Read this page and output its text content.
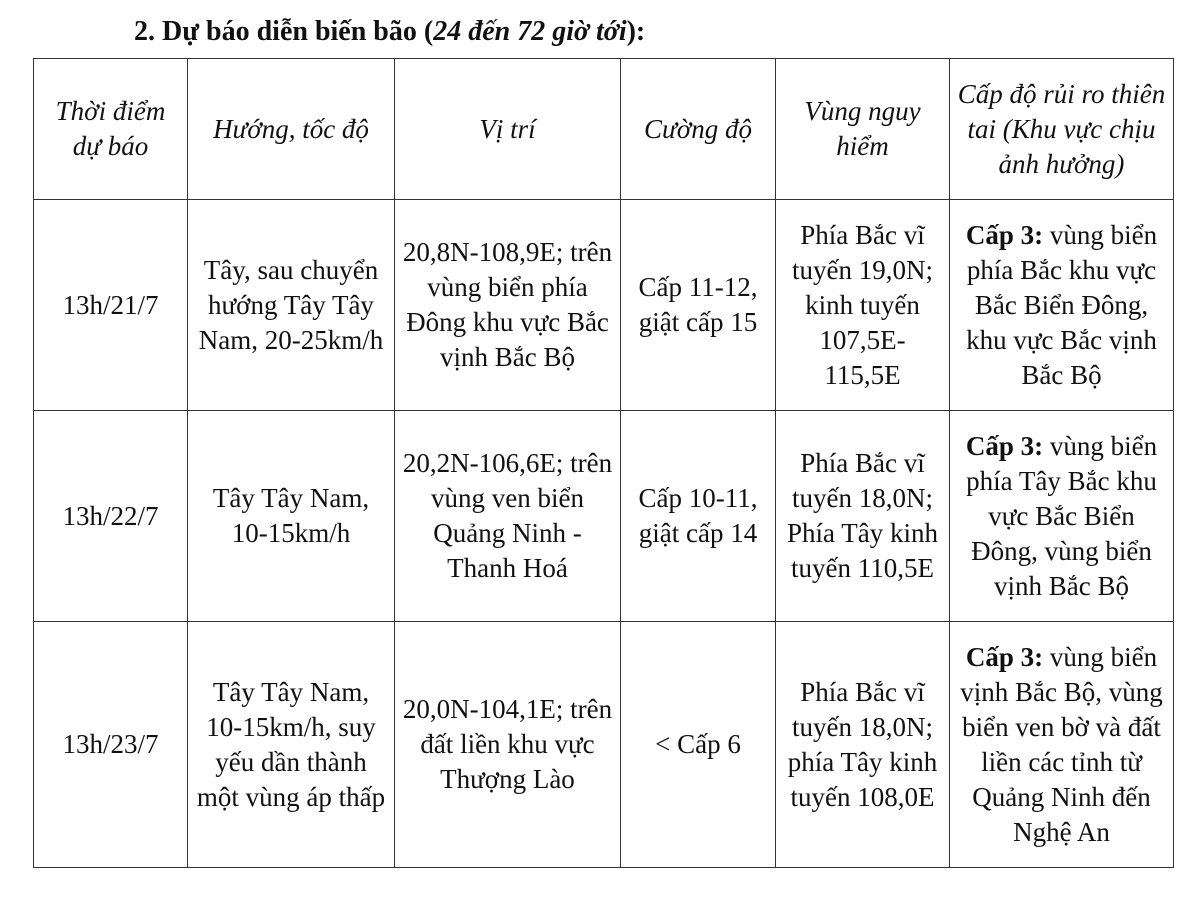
2. Dự báo diễn biến bão (24 đến 72 giờ tới):
Thời điểm dự báo	Hướng, tốc độ	Vị trí	Cường độ	Vùng nguy hiểm	Cấp độ rủi ro thiên tai (Khu vực chịu ảnh hưởng)
13h/21/7	Tây, sau chuyển hướng Tây Tây Nam, 20-25km/h	20,8N-108,9E; trên vùng biển phía Đông khu vực Bắc vịnh Bắc Bộ	Cấp 11-12, giật cấp 15	Phía Bắc vĩ tuyến 19,0N; kinh tuyến 107,5E-115,5E	Cấp 3: vùng biển phía Bắc khu vực Bắc Biển Đông, khu vực Bắc vịnh Bắc Bộ
13h/22/7	Tây Tây Nam, 10-15km/h	20,2N-106,6E; trên vùng ven biển Quảng Ninh - Thanh Hoá	Cấp 10-11, giật cấp 14	Phía Bắc vĩ tuyến 18,0N; Phía Tây kinh tuyến 110,5E	Cấp 3: vùng biển phía Tây Bắc khu vực Bắc Biển Đông, vùng biển vịnh Bắc Bộ
13h/23/7	Tây Tây Nam, 10-15km/h, suy yếu dần thành một vùng áp thấp	20,0N-104,1E; trên đất liền khu vực Thượng Lào	< Cấp 6	Phía Bắc vĩ tuyến 18,0N; phía Tây kinh tuyến 108,0E	Cấp 3: vùng biển vịnh Bắc Bộ, vùng biển ven bờ và đất liền các tỉnh từ Quảng Ninh đến Nghệ An
